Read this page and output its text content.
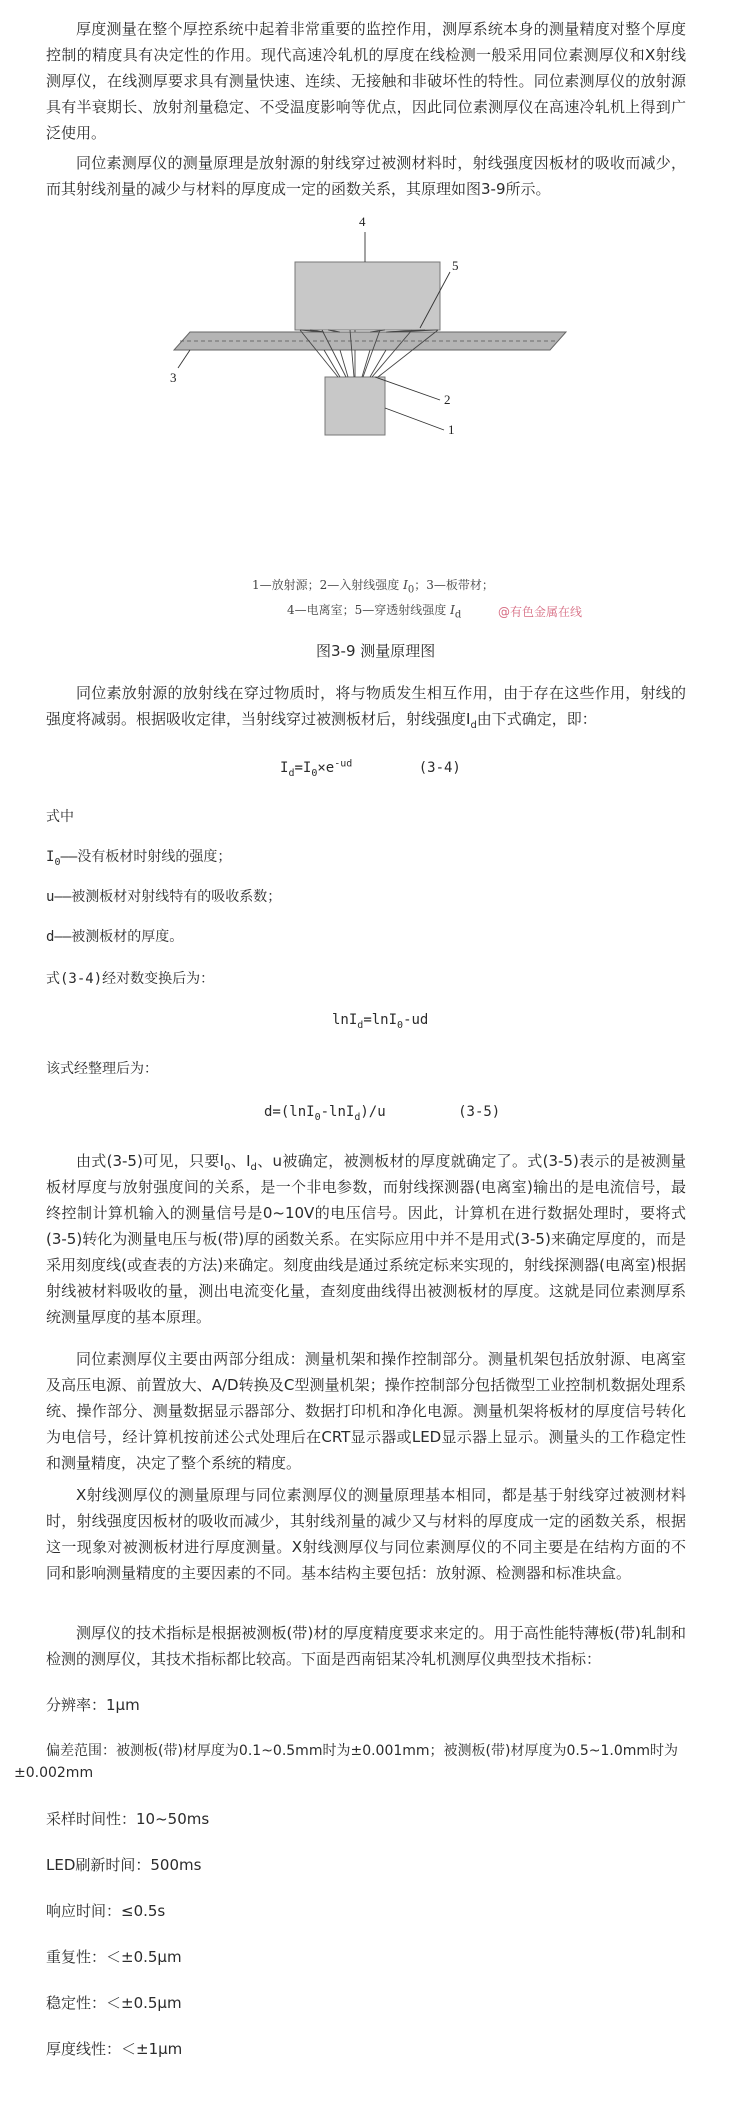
厚度测量在整个厚控系统中起着非常重要的监控作用，测厚系统本身的测量精度对整个厚度控制的精度具有决定性的作用。现代高速冷轧机的厚度在线检测一般采用同位素测厚仪和X射线测厚仪，在线测厚要求具有测量快速、连续、无接触和非破坏性的特性。同位素测厚仪的放射源具有半衰期长、放射剂量稳定、不受温度影响等优点，因此同位素测厚仪在高速冷轧机上得到广泛使用。

同位素测厚仪的测量原理是放射源的射线穿过被测材料时，射线强度因板材的吸收而减少，而其射线剂量的减少与材料的厚度成一定的函数关系，其原理如图3-9所示。

4
5
3
2
1

1—放射源；2—入射线强度 $I_0$；3—板带材；

4—电离室；5—穿透射线强度 $I_d$	@有色金属在线

图3-9 测量原理图

同位素放射源的放射线在穿过物质时，将与物质发生相互作用，由于存在这些作用，射线的强度将减弱。根据吸收定律，当射线穿过被测板材后，射线强度$I_d$由下式确定，即：

$I_d=I_0\times e^{-ud}$	(3-4)

式中

$I_0——$没有板材时射线的强度；

u——被测板材对射线特有的吸收系数；

d——被测板材的厚度。

式(3-4)经对数变换后为：

lnI$_d$=lnI$_0$-ud

该式经整理后为：

d=(lnI$_0$-lnI$_d$)/u	(3-5)

由式(3-5)可见，只要$I_0$、$I_d$、u被确定，被测板材的厚度就确定了。式(3-5)表示的是被测量板材厚度与放射强度间的关系，是一个非电参数，而射线探测器(电离室)输出的是电流信号，最终控制计算机输入的测量信号是0~10V的电压信号。因此，计算机在进行数据处理时，要将式(3-5)转化为测量电压与板(带)厚的函数关系。在实际应用中并不是用式(3-5)来确定厚度的，而是采用刻度线(或查表的方法)来确定。刻度曲线是通过系统定标来实现的，射线探测器(电离室)根据射线被材料吸收的量，测出电流变化量，查刻度曲线得出被测板材的厚度。这就是同位素测厚系统测量厚度的基本原理。

同位素测厚仪主要由两部分组成：测量机架和操作控制部分。测量机架包括放射源、电离室及高压电源、前置放大、A/D转换及C型测量机架；操作控制部分包括微型工业控制机数据处理系统、操作部分、测量数据显示器部分、数据打印机和净化电源。测量机架将板材的厚度信号转化为电信号，经计算机按前述公式处理后在CRT显示器或LED显示器上显示。测量头的工作稳定性和测量精度，决定了整个系统的精度。

X射线测厚仪的测量原理与同位素测厚仪的测量原理基本相同，都是基于射线穿过被测材料时，射线强度因板材的吸收而减少，其射线剂量的减少又与材料的厚度成一定的函数关系，根据这一现象对被测板材进行厚度测量。X射线测厚仪与同位素测厚仪的不同主要是在结构方面的不同和影响测量精度的主要因素的不同。基本结构主要包括：放射源、检测器和标准块盒。

测厚仪的技术指标是根据被测板(带)材的厚度精度要求来定的。用于高性能特薄板(带)轧制和检测的测厚仪，其技术指标都比较高。下面是西南铝某冷轧机测厚仪典型技术指标：

分辨率：1μm

偏差范围：被测板(带)材厚度为0.1~0.5mm时为±0.001mm；被测板(带)材厚度为0.5~1.0mm时为

±0.002mm

采样时间性：10~50ms

LED刷新时间：500ms

响应时间：≤0.5s

重复性：＜±0.5μm

稳定性：＜±0.5μm

厚度线性：＜±1μm
